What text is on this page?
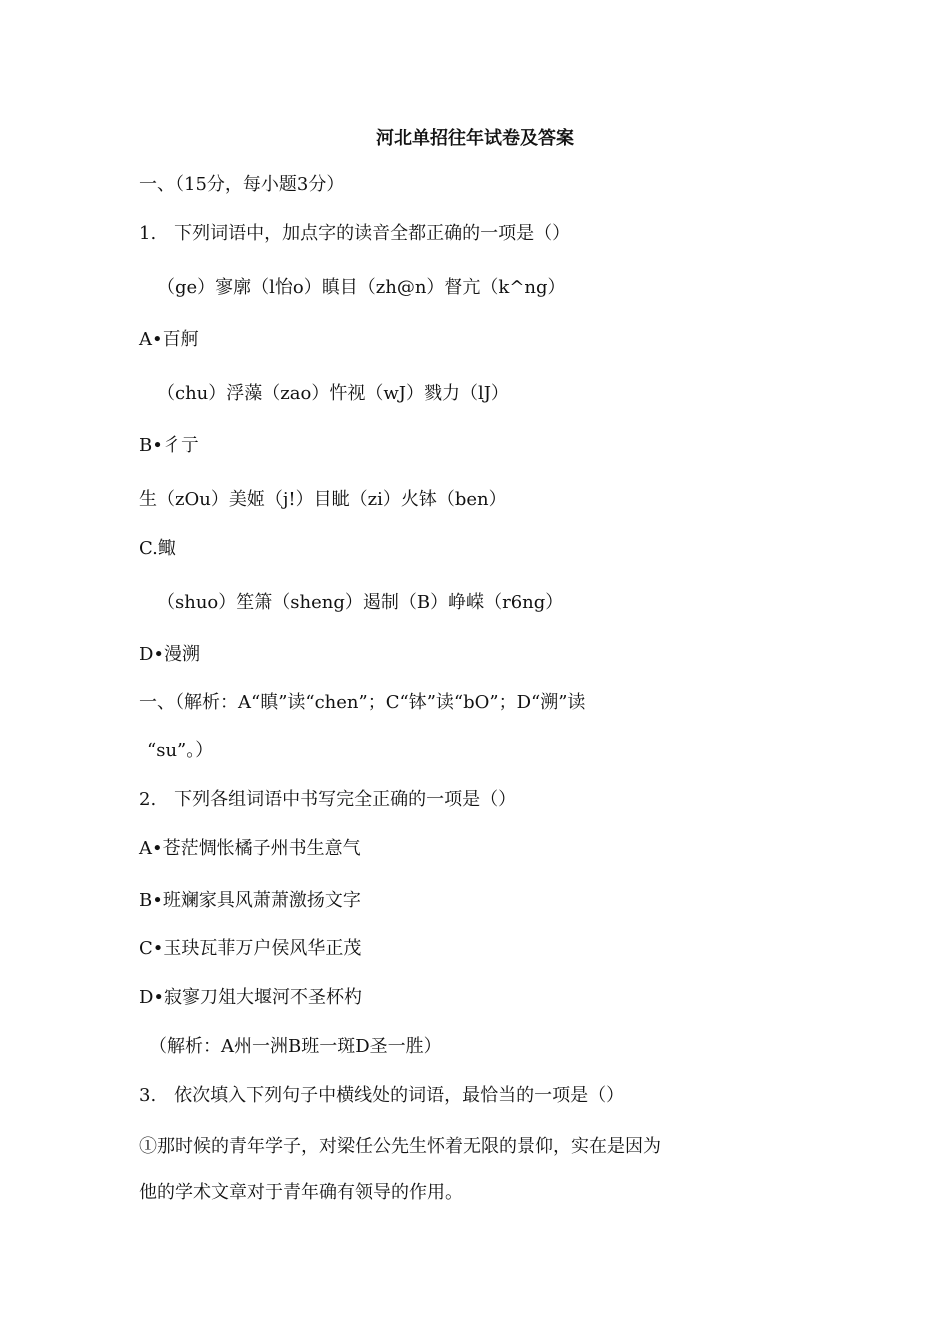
河北单招往年试卷及答案
一、（15分，每小题3分）
1.　下列词语中，加点字的读音全都正确的一项是（）
（ge）寥廓（l怡o）瞋目（zh@n）督亢（k^ng）
A•百舸
（chu）浮藻（zao）忤视（wJ）戮力（lJ）
B•彳亍
生（zOu）美姬（j!）目眦（zi）火钵（ben）
C.鲰
（shuo）笙箫（sheng）遏制（B）峥嵘（r6ng）
D•漫溯
一、（解析：A“瞋”读“chen”；C“钵”读“bO”；D“溯”读
“su”。）
2.　下列各组词语中书写完全正确的一项是（）
A•苍茫惆怅橘子州书生意气
B•班斓家具风萧萧激扬文字
C•玉玦瓦菲万户侯风华正茂
D•寂寥刀俎大堰河不圣杯杓
（解析：A州一洲B班一斑D圣一胜）
3.　依次填入下列句子中横线处的词语，最恰当的一项是（）
①那时候的青年学子，对梁任公先生怀着无限的景仰，实在是因为
他的学术文章对于青年确有领导的作用。
